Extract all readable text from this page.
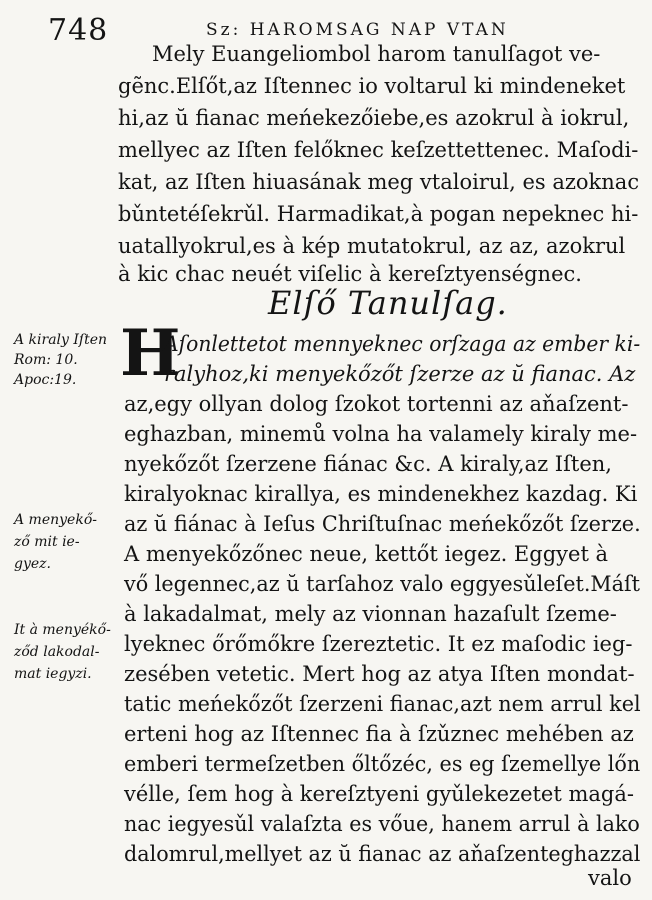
748	Sz: HAROMSAG NAP VTAN
Mely Euangeliombol harom tanulſagot ve-
gẽnc.Elſőt,az Iſtennec io voltarul ki mindeneket
hi,az ŭ fianac meńekezőiebe,es azokrul à iokrul,
mellyec az Iſten felőknec keſzettettenec. Maſodi-
kat, az Iſten hiuasának meg vtaloirul, es azoknac
bǔntetéſekrǔl. Harmadikat,à pogan nepeknec hi-
uatallyokrul,es à kép mutatokrul, az az, azokrul
à kic chac neuét viſelic à kereſztyenségnec.
Elſő Tanulſag.
H
Aſonlettetot mennyeknec orſzaga az ember ki-
ralyhoz,ki menyekőzőt ſzerze az ŭ fianac. Az
az,egy ollyan dolog ſzokot tortenni az aňaſzent-
eghazban, minemů volna ha valamely kiraly me-
nyekőzőt ſzerzene fiánac &c. A kiraly,az Iſten,
kiralyoknac kirallya, es mindenekhez kazdag. Ki
az ŭ fiánac à Ieſus Chriſtuſnac meńekőzőt ſzerze.
A menyekőzőnec neue, kettőt iegez. Eggyet à
vő legennec,az ŭ tarſahoz valo eggyesǔleſet.Máſt
à lakadalmat, mely az vionnan hazaſult ſzeme-
lyeknec őrőmőkre ſzereztetic. It ez maſodic ieg-
zesében vetetic. Mert hog az atya Iſten mondat-
tatic meńekőzőt ſzerzeni fianac,azt nem arrul kel
erteni hog az Iſtennec fia à ſzǔznec mehében az
emberi termeſzetben őltőzéc, es eg ſzemellye lőn
vélle, ſem hog à kereſztyeni gyǔlekezetet magá-
nac iegyesǔl valaſzta es vőue, hanem arrul à lako
dalomrul,mellyet az ŭ fianac az aňaſzenteghazzal
valo
A kiraly Iſten
Rom: 10.
Apoc:19.
A menyekő-
ző mit ie-
gyez.
It à menyékő-
ződ lakodal-
mat iegyzi.
